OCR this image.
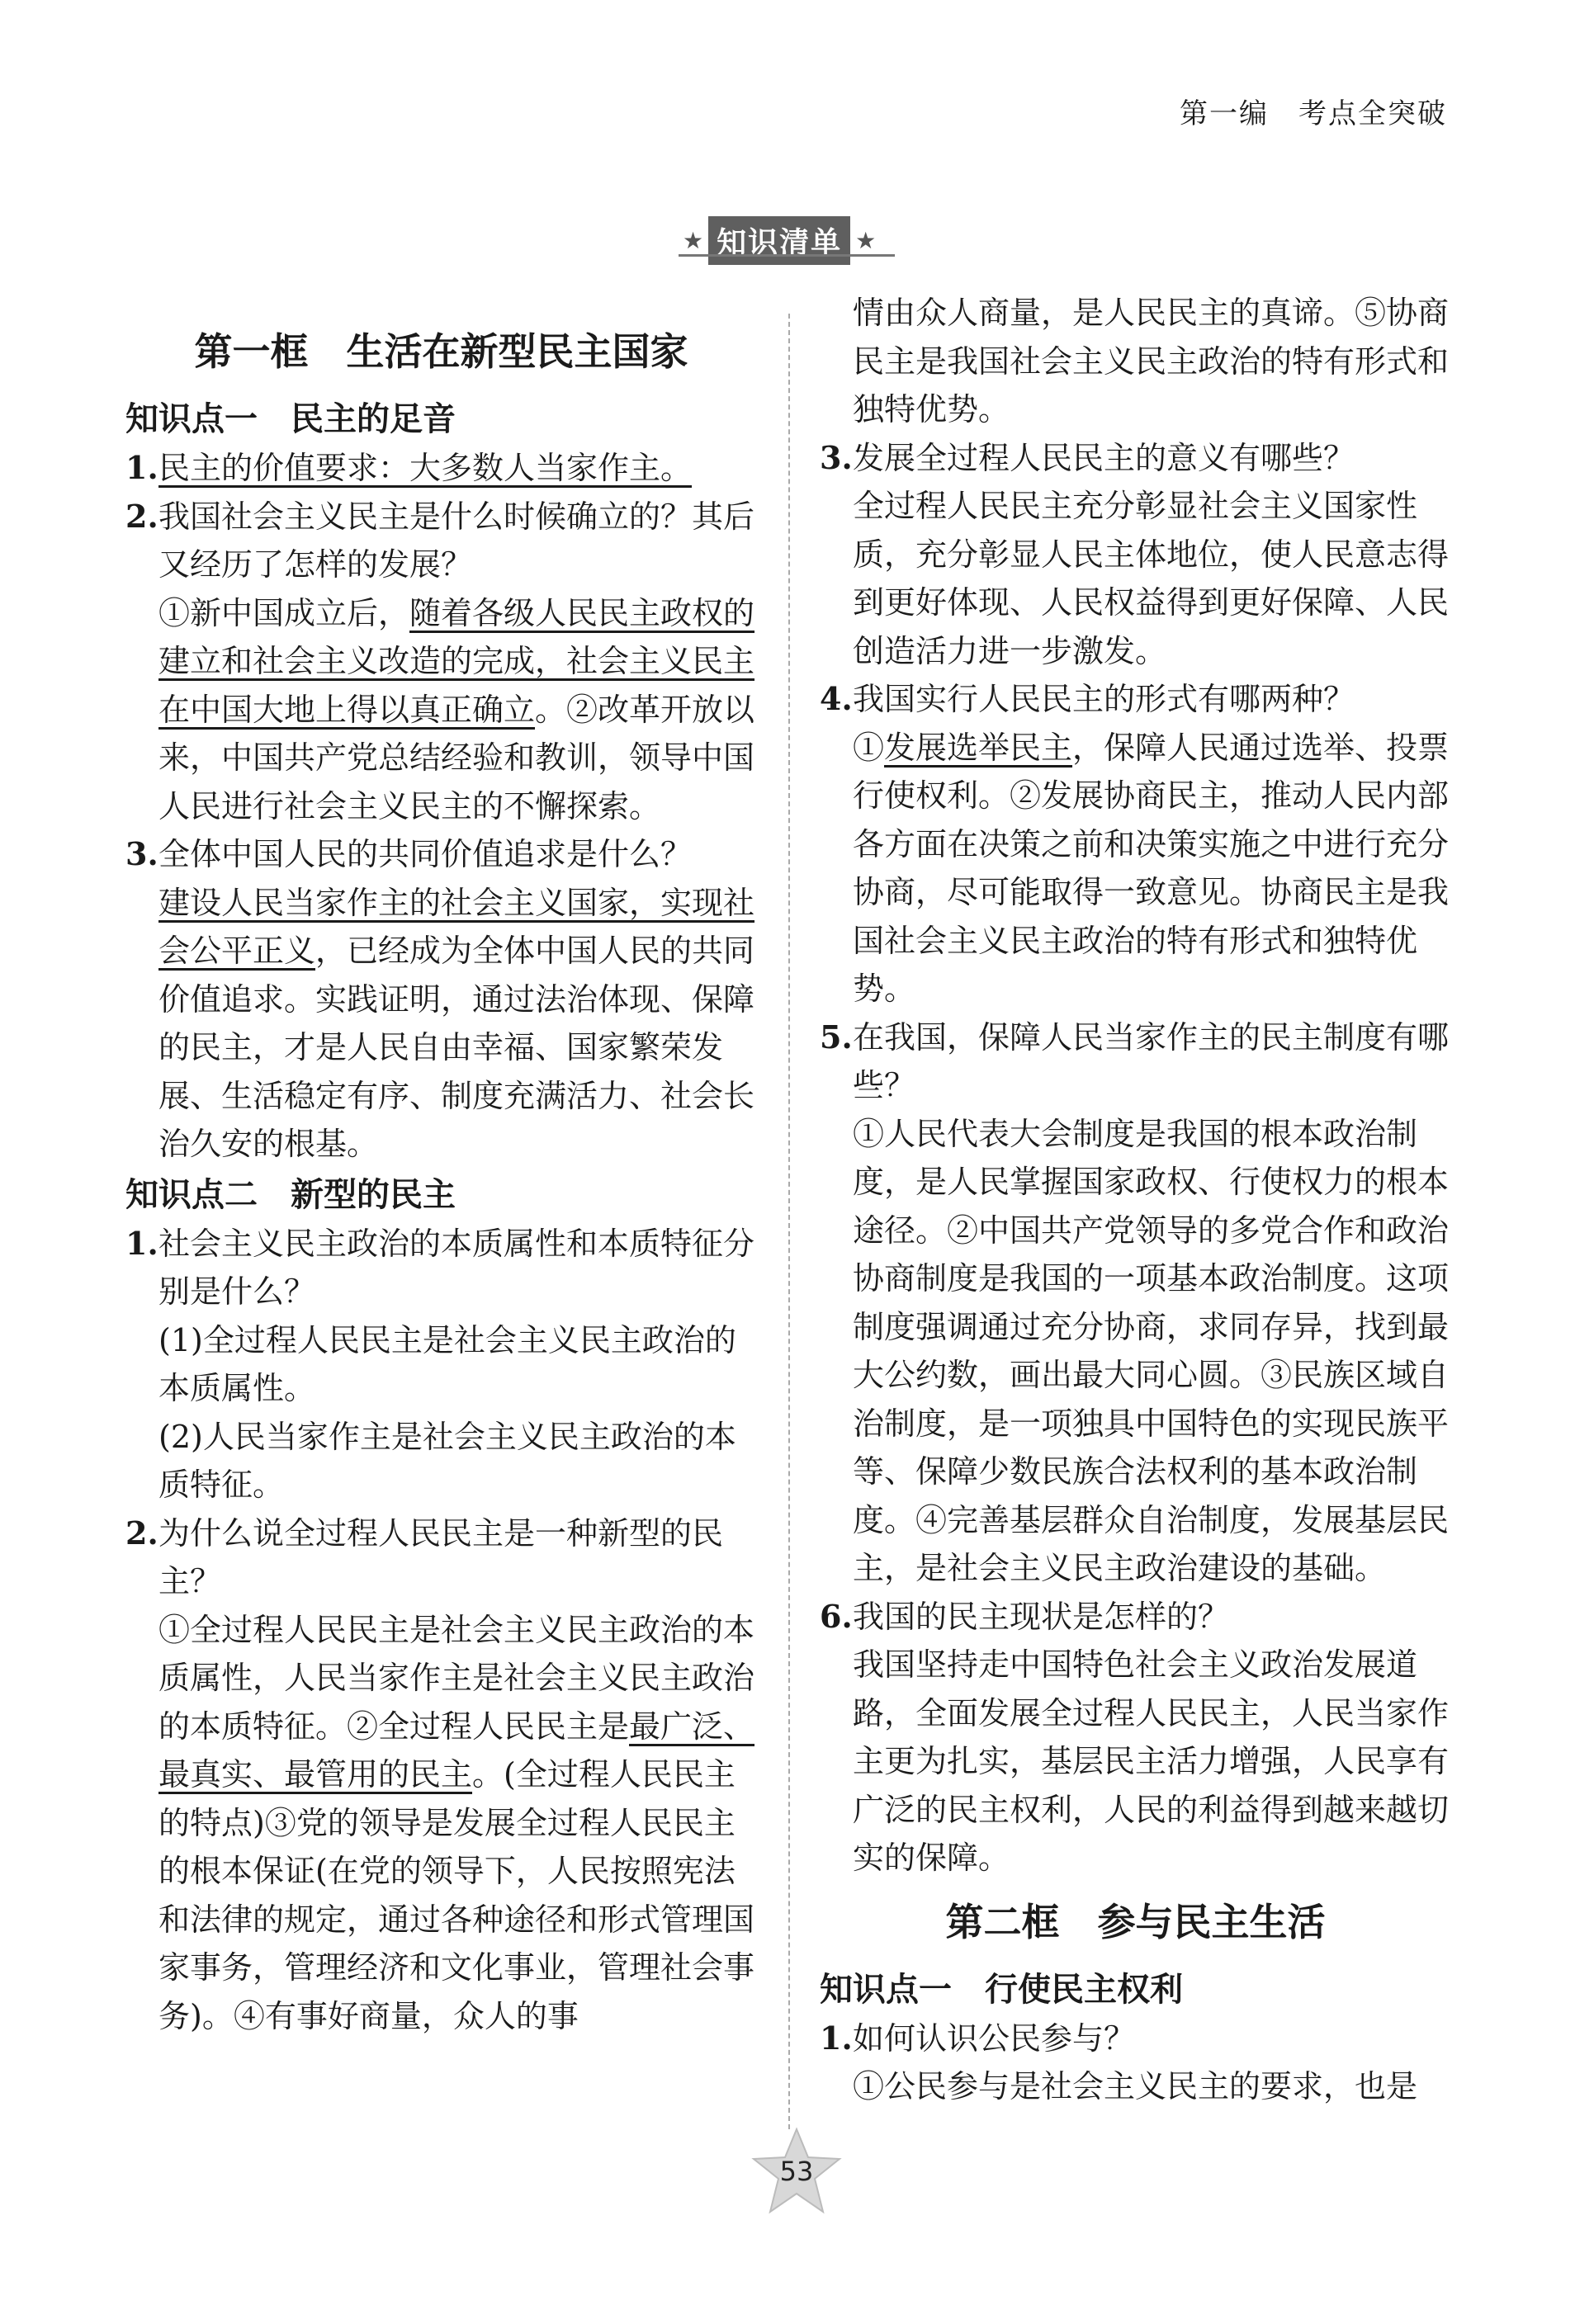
第一编　考点全突破
★ 知识清单 ★
第一框　生活在新型民主国家
知识点一　民主的足音

1.民主的价值要求：大多数人当家作主。

2.我国社会主义民主是什么时候确立的？其后又经历了怎样的发展？

①新中国成立后，随着各级人民民主政权的建立和社会主义改造的完成，社会主义民主在中国大地上得以真正确立。②改革开放以来，中国共产党总结经验和教训，领导中国人民进行社会主义民主的不懈探索。

3.全体中国人民的共同价值追求是什么？

建设人民当家作主的社会主义国家，实现社会公平正义，已经成为全体中国人民的共同价值追求。实践证明，通过法治体现、保障的民主，才是人民自由幸福、国家繁荣发展、生活稳定有序、制度充满活力、社会长治久安的根基。

知识点二　新型的民主

1.社会主义民主政治的本质属性和本质特征分别是什么？

(1)全过程人民民主是社会主义民主政治的本质属性。

(2)人民当家作主是社会主义民主政治的本质特征。

2.为什么说全过程人民民主是一种新型的民主？

①全过程人民民主是社会主义民主政治的本质属性，人民当家作主是社会主义民主政治的本质特征。②全过程人民民主是最广泛、最真实、最管用的民主。(全过程人民民主的特点)③党的领导是发展全过程人民民主的根本保证(在党的领导下，人民按照宪法和法律的规定，通过各种途径和形式管理国家事务，管理经济和文化事业，管理社会事务)。④有事好商量，众人的事

情由众人商量，是人民民主的真谛。⑤协商民主是我国社会主义民主政治的特有形式和独特优势。

3.发展全过程人民民主的意义有哪些？

全过程人民民主充分彰显社会主义国家性质，充分彰显人民主体地位，使人民意志得到更好体现、人民权益得到更好保障、人民创造活力进一步激发。

4.我国实行人民民主的形式有哪两种？

①发展选举民主，保障人民通过选举、投票行使权利。②发展协商民主，推动人民内部各方面在决策之前和决策实施之中进行充分协商，尽可能取得一致意见。协商民主是我国社会主义民主政治的特有形式和独特优势。

5.在我国，保障人民当家作主的民主制度有哪些？

①人民代表大会制度是我国的根本政治制度，是人民掌握国家政权、行使权力的根本途径。②中国共产党领导的多党合作和政治协商制度是我国的一项基本政治制度。这项制度强调通过充分协商，求同存异，找到最大公约数，画出最大同心圆。③民族区域自治制度，是一项独具中国特色的实现民族平等、保障少数民族合法权利的基本政治制度。④完善基层群众自治制度，发展基层民主，是社会主义民主政治建设的基础。

6.我国的民主现状是怎样的？

我国坚持走中国特色社会主义政治发展道路，全面发展全过程人民民主，人民当家作主更为扎实，基层民主活力增强，人民享有广泛的民主权利，人民的利益得到越来越切实的保障。

第二框　参与民主生活
知识点一　行使民主权利

1.如何认识公民参与？

①公民参与是社会主义民主的要求，也是

53
